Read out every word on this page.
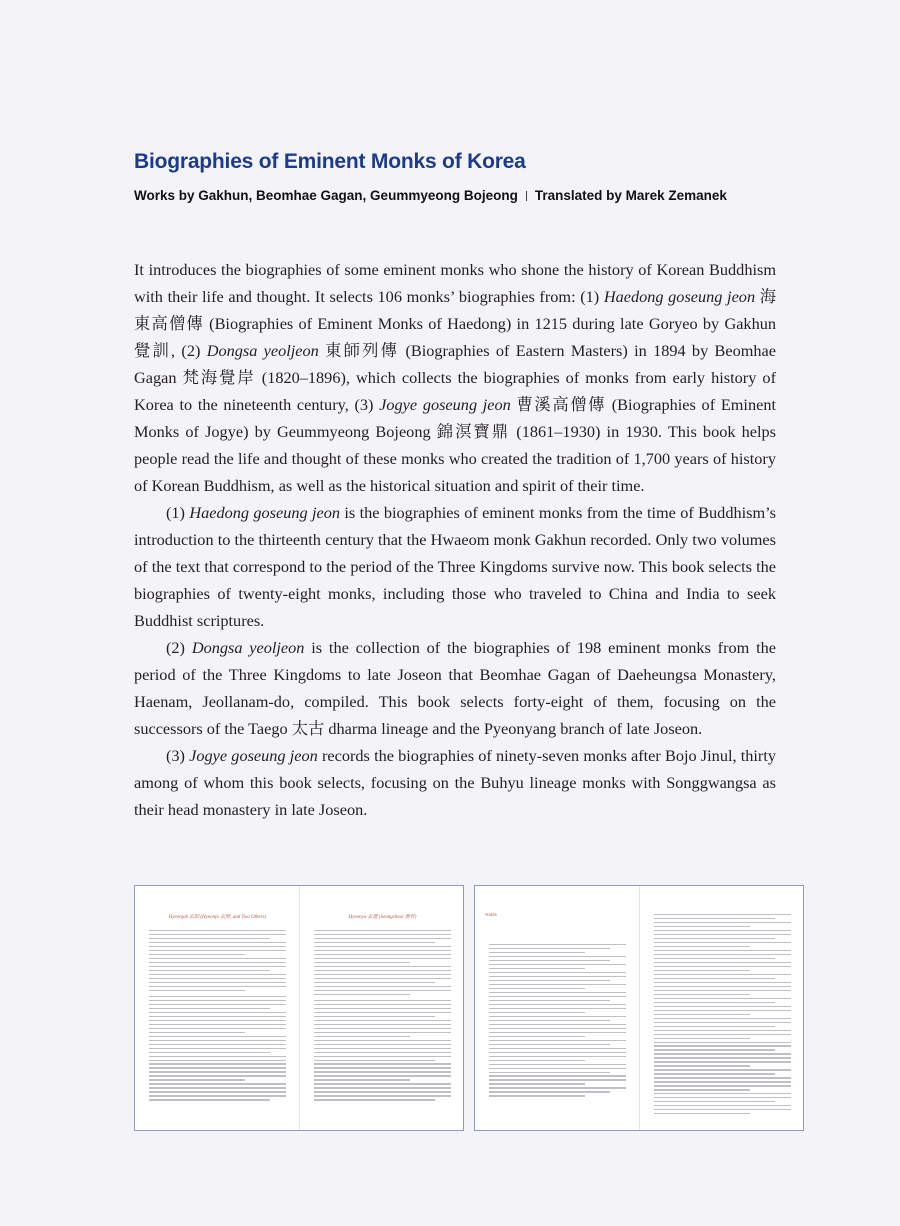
Biographies of Eminent Monks of Korea
Works by Gakhun, Beomhae Gagan, Geummyeong Bojeong Translated by Marek Zemanek

It introduces the biographies of some eminent monks who shone the history of Korean Buddhism with their life and thought. It selects 106 monks’ biographies from: (1) Haedong goseung jeon 海東高僧傳 (Biographies of Eminent Monks of Haedong) in 1215 during late Goryeo by Gakhun 覺訓, (2) Dongsa yeoljeon 東師列傳 (Biographies of Eastern Masters) in 1894 by Beomhae Gagan 梵海覺岸 (1820–1896), which collects the biographies of monks from early history of Korea to the nineteenth century, (3) Jogye goseung jeon 曹溪高僧傳 (Biographies of Eminent Monks of Jogye) by Geummyeong Bojeong 錦溟寶鼎 (1861–1930) in 1930. This book helps people read the life and thought of these monks who created the tradition of 1,700 years of history of Korean Buddhism, as well as the historical situation and spirit of their time.

(1) Haedong goseung jeon is the biographies of eminent monks from the time of Buddhism’s introduction to the thirteenth century that the Hwaeom monk Gakhun recorded. Only two volumes of the text that correspond to the period of the Three Kingdoms survive now. This book selects the biographies of twenty-eight monks, including those who traveled to China and India to seek Buddhist scriptures.

(2) Dongsa yeoljeon is the collection of the biographies of 198 eminent monks from the period of the Three Kingdoms to late Joseon that Beomhae Gagan of Daeheungsa Monastery, Haenam, Jeollanam-do, compiled. This book selects forty-eight of them, focusing on the successors of the Taego 太古 dharma lineage and the Pyeonyang branch of late Joseon.

(3) Jogye goseung jeon records the biographies of ninety-seven monks after Bojo Jinul, thirty among of whom this book selects, focusing on the Buhyu lineage monks with Songgwangsa as their head monastery in late Joseon.

Hyeonjak 玄昭 (Hyeonjo 玄照, and Two Others)	Hyeonyu 玄遊 (Seungcheol 僧哲)	Notes
